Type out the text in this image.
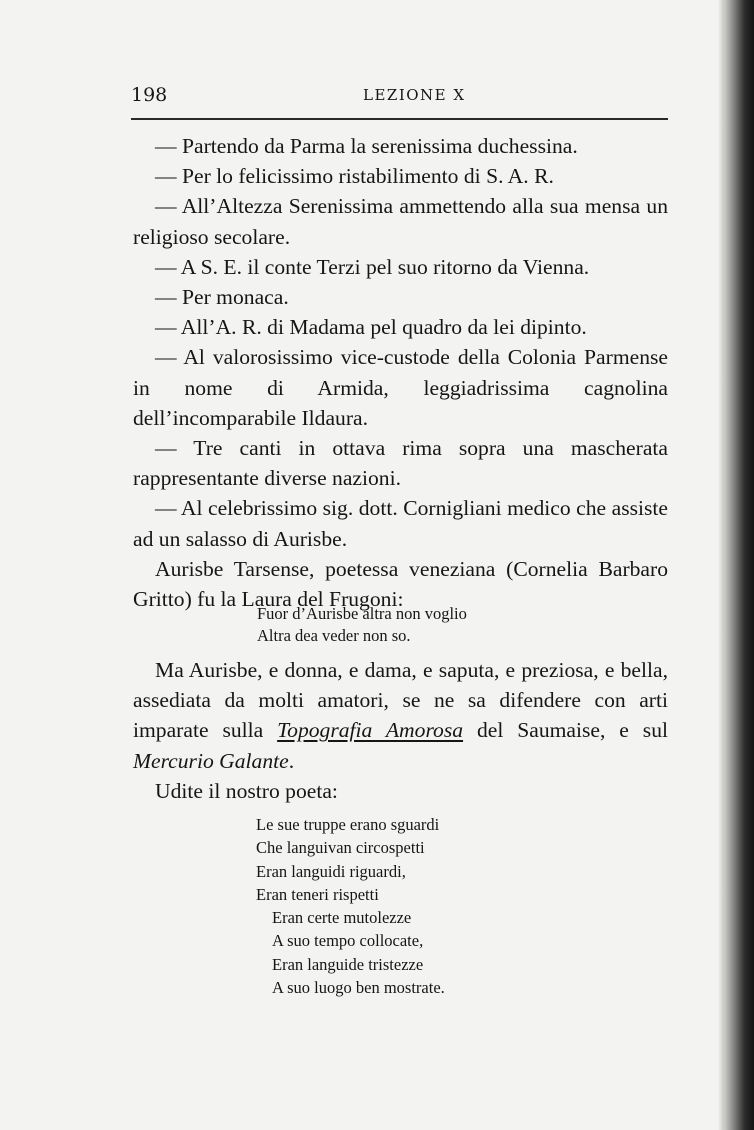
198	LEZIONE X

— Partendo da Parma la serenissima duchessina.

— Per lo felicissimo ristabilimento di S. A. R.

— All’Altezza Serenissima ammettendo alla sua mensa un religioso secolare.

— A S. E. il conte Terzi pel suo ritorno da Vienna.

— Per monaca.

— All’A. R. di Madama pel quadro da lei dipinto.

— Al valorosissimo vice-custode della Colonia Parmense in nome di Armida, leggiadrissima cagnolina dell’incomparabile Ildaura.

— Tre canti in ottava rima sopra una mascherata rappresentante diverse nazioni.

— Al celebrissimo sig. dott. Cornigliani medico che assiste ad un salasso di Aurisbe.

Aurisbe Tarsense, poetessa veneziana (Cornelia Barbaro Gritto) fu la Laura del Frugoni:

Fuor d’Aurisbe altra non voglio
Altra dea veder non so.

Ma Aurisbe, e donna, e dama, e saputa, e preziosa, e bella, assediata da molti amatori, se ne sa difendere con arti imparate sulla Topografia Amorosa del Saumaise, e sul Mercurio Galante.

Udite il nostro poeta:

Le sue truppe erano sguardi
Che languivan circospetti
Eran languidi riguardi,
Eran teneri rispetti
Eran certe mutolezze
A suo tempo collocate,
Eran languide tristezze
A suo luogo ben mostrate.
